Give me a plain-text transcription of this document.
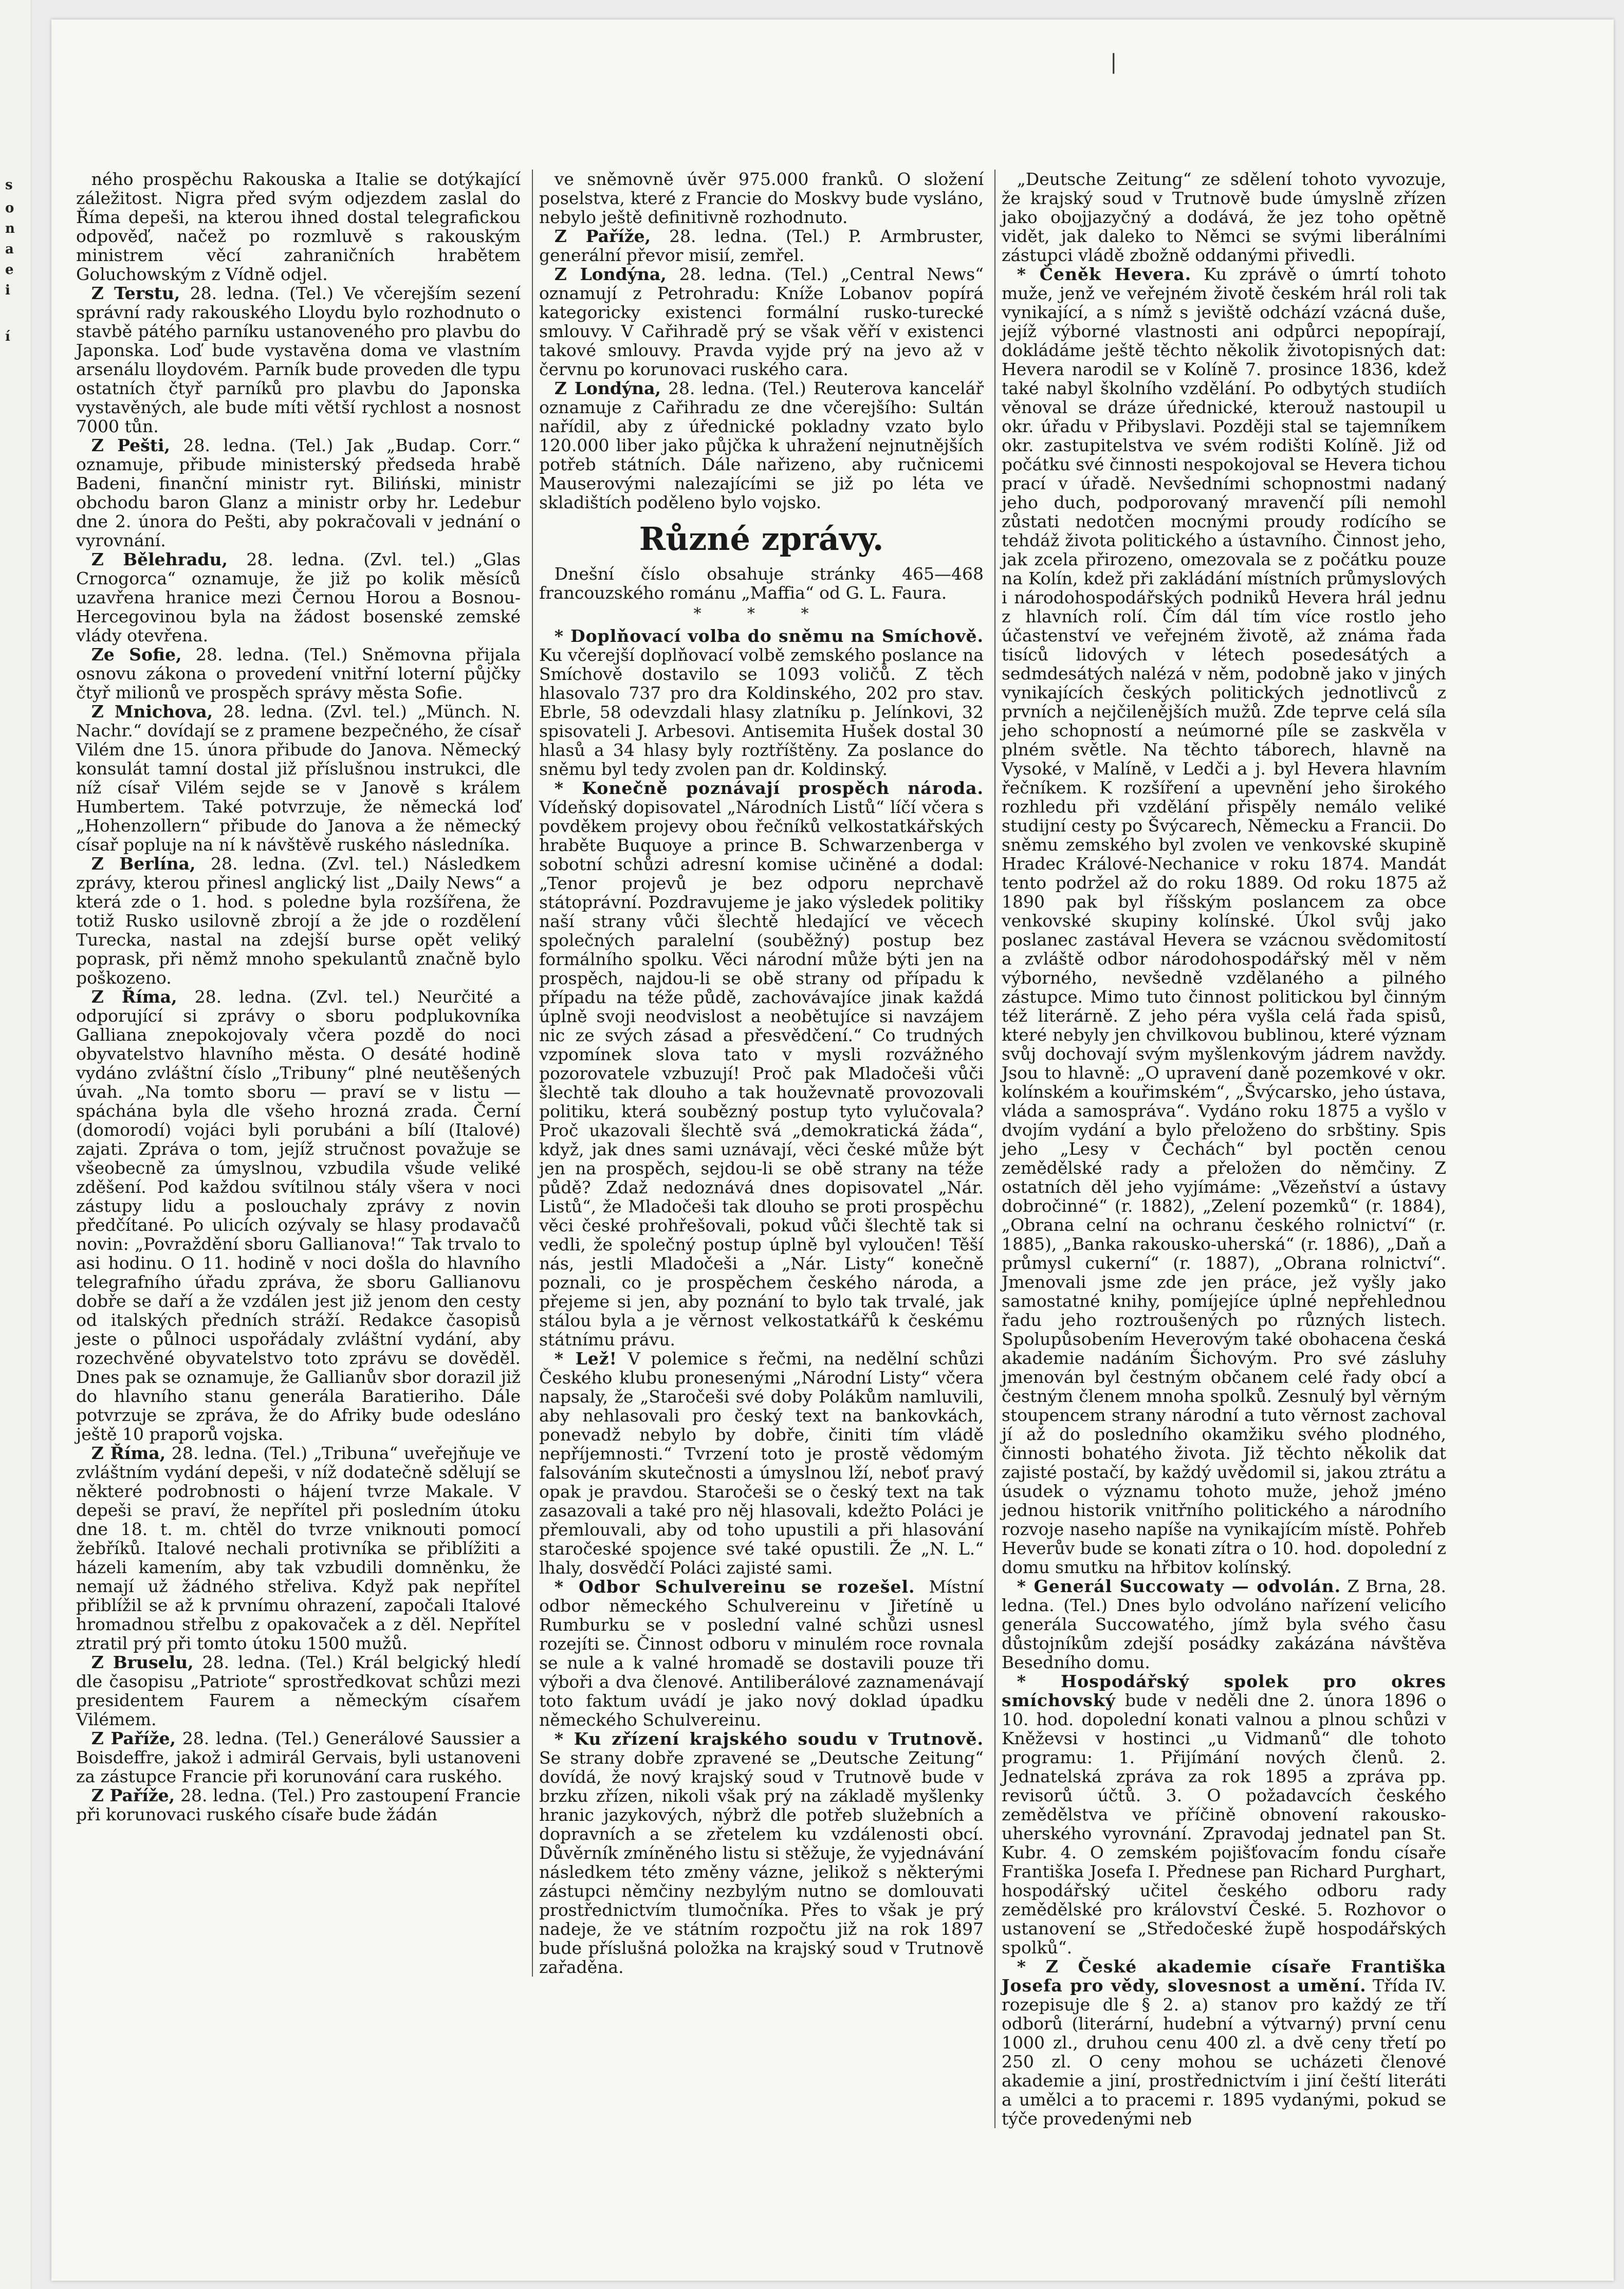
s
o
n
a
e
i
í
|

ného prospěchu Rakouska a Italie se dotýkající záležitost. Nigra před svým odjezdem zaslal do Říma depeši, na kterou ihned dostal telegrafickou odpověď, načež po rozmluvě s rakouským ministrem věcí zahraničních hrabětem Goluchowským z Vídně odjel.

Z Terstu, 28. ledna. (Tel.) Ve včerejším sezení správní rady rakouského Lloydu bylo rozhodnuto o stavbě pátého parníku ustanoveného pro plavbu do Japonska. Loď bude vystavěna doma ve vlastním arsenálu lloydovém. Parník bude proveden dle typu ostatních čtyř parníků pro plavbu do Japonska vystavěných, ale bude míti větší rychlost a nosnost 7000 tůn.

Z Pešti, 28. ledna. (Tel.) Jak „Budap. Corr.“ oznamuje, přibude ministerský předseda hrabě Badeni, finanční ministr ryt. Biliński, ministr obchodu baron Glanz a ministr orby hr. Ledebur dne 2. února do Pešti, aby pokračovali v jednání o vyrovnání.

Z Bělehradu, 28. ledna. (Zvl. tel.) „Glas Crnogorca“ oznamuje, že již po kolik měsíců uzavřena hranice mezi Černou Horou a Bosnou-Hercegovinou byla na žádost bosenské zemské vlády otevřena.

Ze Sofie, 28. ledna. (Tel.) Sněmovna přijala osnovu zákona o provedení vnitřní loterní půjčky čtyř milionů ve prospěch správy města Sofie.

Z Mnichova, 28. ledna. (Zvl. tel.) „Münch. N. Nachr.“ dovídají se z pramene bezpečného, že císař Vilém dne 15. února přibude do Janova. Německý konsulát tamní dostal již příslušnou instrukci, dle níž císař Vilém sejde se v Janově s králem Humbertem. Také potvrzuje, že německá loď „Hohenzollern“ přibude do Janova a že německý císař popluje na ní k návštěvě ruského následníka.

Z Berlína, 28. ledna. (Zvl. tel.) Následkem zprávy, kterou přinesl anglický list „Daily News“ a která zde o 1. hod. s poledne byla rozšířena, že totiž Rusko usilovně zbrojí a že jde o rozdělení Turecka, nastal na zdejší burse opět veliký poprask, při němž mnoho spekulantů značně bylo poškozeno.

Z Říma, 28. ledna. (Zvl. tel.) Neurčité a odporující si zprávy o sboru podplukovníka Galliana znepokojovaly včera pozdě do noci obyvatelstvo hlavního města. O desáté hodině vydáno zvláštní číslo „Tribuny“ plné neutěšených úvah. „Na tomto sboru — praví se v listu — spáchána byla dle všeho hrozná zrada. Černí (domorodí) vojáci byli porubáni a bílí (Italové) zajati. Zpráva o tom, jejíž stručnost považuje se všeobecně za úmyslnou, vzbudila všude veliké zděšení. Pod každou svítilnou stály všera v noci zástupy lidu a poslouchaly zprávy z novin předčítané. Po ulicích ozývaly se hlasy prodavačů novin: „Povraždění sboru Gallianova!“ Tak trvalo to asi hodinu. O 11. hodině v noci došla do hlavního telegrafního úřadu zpráva, že sboru Gallianovu dobře se daří a že vzdálen jest již jenom den cesty od italských předních stráží. Redakce časopisů jeste o půlnoci uspořádaly zvláštní vydání, aby rozechvěné obyvatelstvo toto zprávu se dověděl. Dnes pak se oznamuje, že Gallianův sbor dorazil již do hlavního stanu generála Baratieriho. Dále potvrzuje se zpráva, že do Afriky bude odesláno ještě 10 praporů vojska.

Z Říma, 28. ledna. (Tel.) „Tribuna“ uveřejňuje ve zvláštním vydání depeši, v níž dodatečně sdělují se některé podrobnosti o hájení tvrze Makale. V depeši se praví, že nepřítel při posledním útoku dne 18. t. m. chtěl do tvrze vniknouti pomocí žebříků. Italové nechali protivníka se přiblížiti a házeli kamením, aby tak vzbudili domněnku, že nemají už žádného střeliva. Když pak nepřítel přiblížil se až k prvnímu ohrazení, započali Italové hromadnou střelbu z opakovaček a z děl. Nepřítel ztratil prý při tomto útoku 1500 mužů.

Z Bruselu, 28. ledna. (Tel.) Král belgický hledí dle časopisu „Patriote“ sprostředkovat schůzi mezi presidentem Faurem a německým císařem Vilémem.

Z Paříže, 28. ledna. (Tel.) Generálové Saussier a Boisdeffre, jakož i admirál Gervais, byli ustanoveni za zástupce Francie při korunování cara ruského.

Z Paříže, 28. ledna. (Tel.) Pro zastoupení Francie při korunovaci ruského císaře bude žádán

ve sněmovně úvěr 975.000 franků. O složení poselstva, které z Francie do Moskvy bude vysláno, nebylo ještě definitivně rozhodnuto.

Z Paříže, 28. ledna. (Tel.) P. Armbruster, generální převor misií, zemřel.

Z Londýna, 28. ledna. (Tel.) „Central News“ oznamují z Petrohradu: Kníže Lobanov popírá kategoricky existenci formální rusko-turecké smlouvy. V Cařihradě prý se však věří v existenci takové smlouvy. Pravda vyjde prý na jevo až v červnu po korunovaci ruského cara.

Z Londýna, 28. ledna. (Tel.) Reuterova kancelář oznamuje z Cařihradu ze dne včerejšího: Sultán nařídil, aby z úřednické pokladny vzato bylo 120.000 liber jako půjčka k uhražení nejnutnějších potřeb státních. Dále nařizeno, aby ručnicemi Mauserovými nalezajícími se již po léta ve skladištích poděleno bylo vojsko.

Různé zprávy.

Dnešní číslo obsahuje stránky 465—468 francouzského románu „Maffia“ od G. L. Faura.

* * *

* Doplňovací volba do sněmu na Smíchově. Ku včerejší doplňovací volbě zemského poslance na Smíchově dostavilo se 1093 voličů. Z těch hlasovalo 737 pro dra Koldinského, 202 pro stav. Ebrle, 58 odevzdali hlasy zlatníku p. Jelínkovi, 32 spisovateli J. Arbesovi. Antisemita Hušek dostal 30 hlasů a 34 hlasy byly roztříštěny. Za poslance do sněmu byl tedy zvolen pan dr. Koldinský.

* Konečně poznávají prospěch národa. Vídeňský dopisovatel „Národních Listů“ líčí včera s povděkem projevy obou řečníků velkostatkářských hraběte Buquoye a prince B. Schwarzenberga v sobotní schůzi adresní komise učiněné a dodal: „Tenor projevů je bez odporu neprchavě státoprávní. Pozdravujeme je jako výsledek politiky naší strany vůči šlechtě hledající ve věcech společných paralelní (souběžný) postup bez formálního spolku. Věci národní může býti jen na prospěch, najdou-li se obě strany od případu k případu na téže půdě, zachovávajíce jinak každá úplně svoji neodvislost a neobětujíce si navzájem nic ze svých zásad a přesvědčení.“ Co trudných vzpomínek slova tato v mysli rozvážného pozorovatele vzbuzují! Proč pak Mladočeši vůči šlechtě tak dlouho a tak houževnatě provozovali politiku, která soubězný postup tyto vylučovala? Proč ukazovali šlechtě svá „demokratická žáda“, když, jak dnes sami uznávají, věci české může být jen na prospěch, sejdou-li se obě strany na téže půdě? Zdaž nedoznává dnes dopisovatel „Nár. Listů“, že Mladočeši tak dlouho se proti prospěchu věci české prohřešovali, pokud vůči šlechtě tak si vedli, že společný postup úplně byl vyloučen! Těší nás, jestli Mladočeši a „Nár. Listy“ konečně poznali, co je prospěchem českého národa, a přejeme si jen, aby poznání to bylo tak trvalé, jak stálou byla a je věrnost velkostatkářů k českému státnímu právu.

* Lež! V polemice s řečmi, na nedělní schůzi Českého klubu pronesenými „Národní Listy“ včera napsaly, že „Staročeši své doby Polákům namluvili, aby nehlasovali pro český text na bankovkách, ponevadž nebylo by dobře, činiti tím vládě nepříjemnosti.“ Tvrzení toto je prostě vědomým falsováním skutečnosti a úmyslnou lží, neboť pravý opak je pravdou. Staročeši se o český text na tak zasazovali a také pro něj hlasovali, kdežto Poláci je přemlouvali, aby od toho upustili a při hlasování staročeské spojence své také opustili. Že „N. L.“ lhaly, dosvědčí Poláci zajisté sami.

* Odbor Schulvereinu se rozešel. Místní odbor německého Schulvereinu v Jiřetíně u Rumburku se v poslední valné schůzi usnesl rozejíti se. Činnost odboru v minulém roce rovnala se nule a k valné hromadě se dostavili pouze tři výboři a dva členové. Antiliberálové zaznamenávají toto faktum uvádí je jako nový doklad úpadku německého Schulvereinu.

* Ku zřízení krajského soudu v Trutnově. Se strany dobře zpravené se „Deutsche Zeitung“ dovídá, že nový krajský soud v Trutnově bude v brzku zřízen, nikoli však prý na základě myšlenky hranic jazykových, nýbrž dle potřeb služebních a dopravních a se zřetelem ku vzdálenosti obcí. Důvěrník zmíněného listu si stěžuje, že vyjednávání následkem této změny vázne, jelikož s některými zástupci němčiny nezbylým nutno se domlouvati prostřednictvím tlumočníka. Přes to však je prý nadeje, že ve státním rozpočtu již na rok 1897 bude příslušná položka na krajský soud v Trutnově zařaděna.

„Deutsche Zeitung“ ze sdělení tohoto vyvozuje, že krajský soud v Trutnově bude úmyslně zřízen jako obojjazyčný a dodává, že jez toho opětně vidět, jak daleko to Němci se svými liberálními zástupci vládě zbožně oddanými přivedli.

* Čeněk Hevera. Ku zprávě o úmrtí tohoto muže, jenž ve veřejném životě českém hrál roli tak vynikající, a s nímž s jeviště odchází vzácná duše, jejíž výborné vlastnosti ani odpůrci nepopírají, dokládáme ještě těchto několik životopisných dat: Hevera narodil se v Kolíně 7. prosince 1836, kdež také nabyl školního vzdělání. Po odbytých studiích věnoval se dráze úřednické, kterouž nastoupil u okr. úřadu v Přibyslavi. Později stal se tajemníkem okr. zastupitelstva ve svém rodišti Kolíně. Již od počátku své činnosti nespokojoval se Hevera tichou prací v úřadě. Nevšedními schopnostmi nadaný jeho duch, podporovaný mravenčí píli nemohl zůstati nedotčen mocnými proudy rodícího se tehdáž života politického a ústavního. Činnost jeho, jak zcela přirozeno, omezovala se z počátku pouze na Kolín, kdež při zakládání místních průmyslových i národohospodářských podniků Hevera hrál jednu z hlavních rolí. Čím dál tím více rostlo jeho účastenství ve veřejném životě, až známa řada tisíců lidových v létech posedesátých a sedmdesátých nalézá v něm, podobně jako v jiných vynikajících českých politických jednotlivců z prvních a nejčilenějších mužů. Zde teprve celá síla jeho schopností a neúmorné píle se zaskvěla v plném světle. Na těchto táborech, hlavně na Vysoké, v Malíně, v Ledči a j. byl Hevera hlavním řečníkem. K rozšíření a upevnění jeho širokého rozhledu při vzdělání přispěly nemálo veliké studijní cesty po Švýcarech, Německu a Francii. Do sněmu zemského byl zvolen ve venkovské skupině Hradec Králové-Nechanice v roku 1874. Mandát tento podržel až do roku 1889. Od roku 1875 až 1890 pak byl říšským poslancem za obce venkovské skupiny kolínské. Úkol svůj jako poslanec zastával Hevera se vzácnou svědomitostí a zvláště odbor národohospodářský měl v něm výborného, nevšedně vzdělaného a pilného zástupce. Mimo tuto činnost politickou byl činným též literárně. Z jeho péra vyšla celá řada spisů, které nebyly jen chvilkovou bublinou, které význam svůj dochovají svým myšlenkovým jádrem navždy. Jsou to hlavně: „O upravení daně pozemkové v okr. kolínském a kouřimském“, „Švýcarsko, jeho ústava, vláda a samospráva“. Vydáno roku 1875 a vyšlo v dvojím vydání a bylo přeloženo do srbštiny. Spis jeho „Lesy v Čechách“ byl poctěn cenou zemědělské rady a přeložen do němčiny. Z ostatních děl jeho vyjímáme: „Vězeňství a ústavy dobročinné“ (r. 1882), „Zelení pozemků“ (r. 1884), „Obrana celní na ochranu českého rolnictví“ (r. 1885), „Banka rakousko-uherská“ (r. 1886), „Daň a průmysl cukerní“ (r. 1887), „Obrana rolnictví“. Jmenovali jsme zde jen práce, jež vyšly jako samostatné knihy, pomíjejíce úplné nepřehlednou řadu jeho roztroušených po různých listech. Spolupůsobením Heverovým také obohacena česká akademie nadáním Šichovým. Pro své zásluhy jmenován byl čestným občanem celé řady obcí a čestným členem mnoha spolků. Zesnulý byl věrným stoupencem strany národní a tuto věrnost zachoval jí až do posledního okamžiku svého plodného, činnosti bohatého života. Již těchto několik dat zajisté postačí, by každý uvědomil si, jakou ztrátu a úsudek o významu tohoto muže, jehož jméno jednou historik vnitřního politického a národního rozvoje naseho napíše na vynikajícím místě. Pohřeb Heverův bude se konati zítra o 10. hod. dopolední z domu smutku na hřbitov kolínský.

* Generál Succowaty — odvolán. Z Brna, 28. ledna. (Tel.) Dnes bylo odvoláno nařízení velicího generála Succowatého, jímž byla svého času důstojníkům zdejší posádky zakázána návštěva Besedního domu.

* Hospodářský spolek pro okres smíchovský bude v neděli dne 2. února 1896 o 10. hod. dopolední konati valnou a plnou schůzi v Kněževsi v hostinci „u Vidmanů“ dle tohoto programu: 1. Přijímání nových členů. 2. Jednatelská zpráva za rok 1895 a zpráva pp. revisorů účtů. 3. O požadavcích českého zemědělstva ve příčině obnovení rakousko-uherského vyrovnání. Zpravodaj jednatel pan St. Kubr. 4. O zemském pojišťovacím fondu císaře Františka Josefa I. Přednese pan Richard Purghart, hospodářský učitel českého odboru rady zemědělské pro království České. 5. Rozhovor o ustanovení se „Středočeské župě hospodářských spolků“.

* Z České akademie císaře Františka Josefa pro vědy, slovesnost a umění. Třída IV. rozepisuje dle § 2. a) stanov pro každý ze tří odborů (literární, hudební a výtvarný) první cenu 1000 zl., druhou cenu 400 zl. a dvě ceny třetí po 250 zl. O ceny mohou se ucházeti členové akademie a jiní, prostřednictvím i jiní čeští literáti a umělci a to pracemi r. 1895 vydanými, pokud se týče provedenými neb
